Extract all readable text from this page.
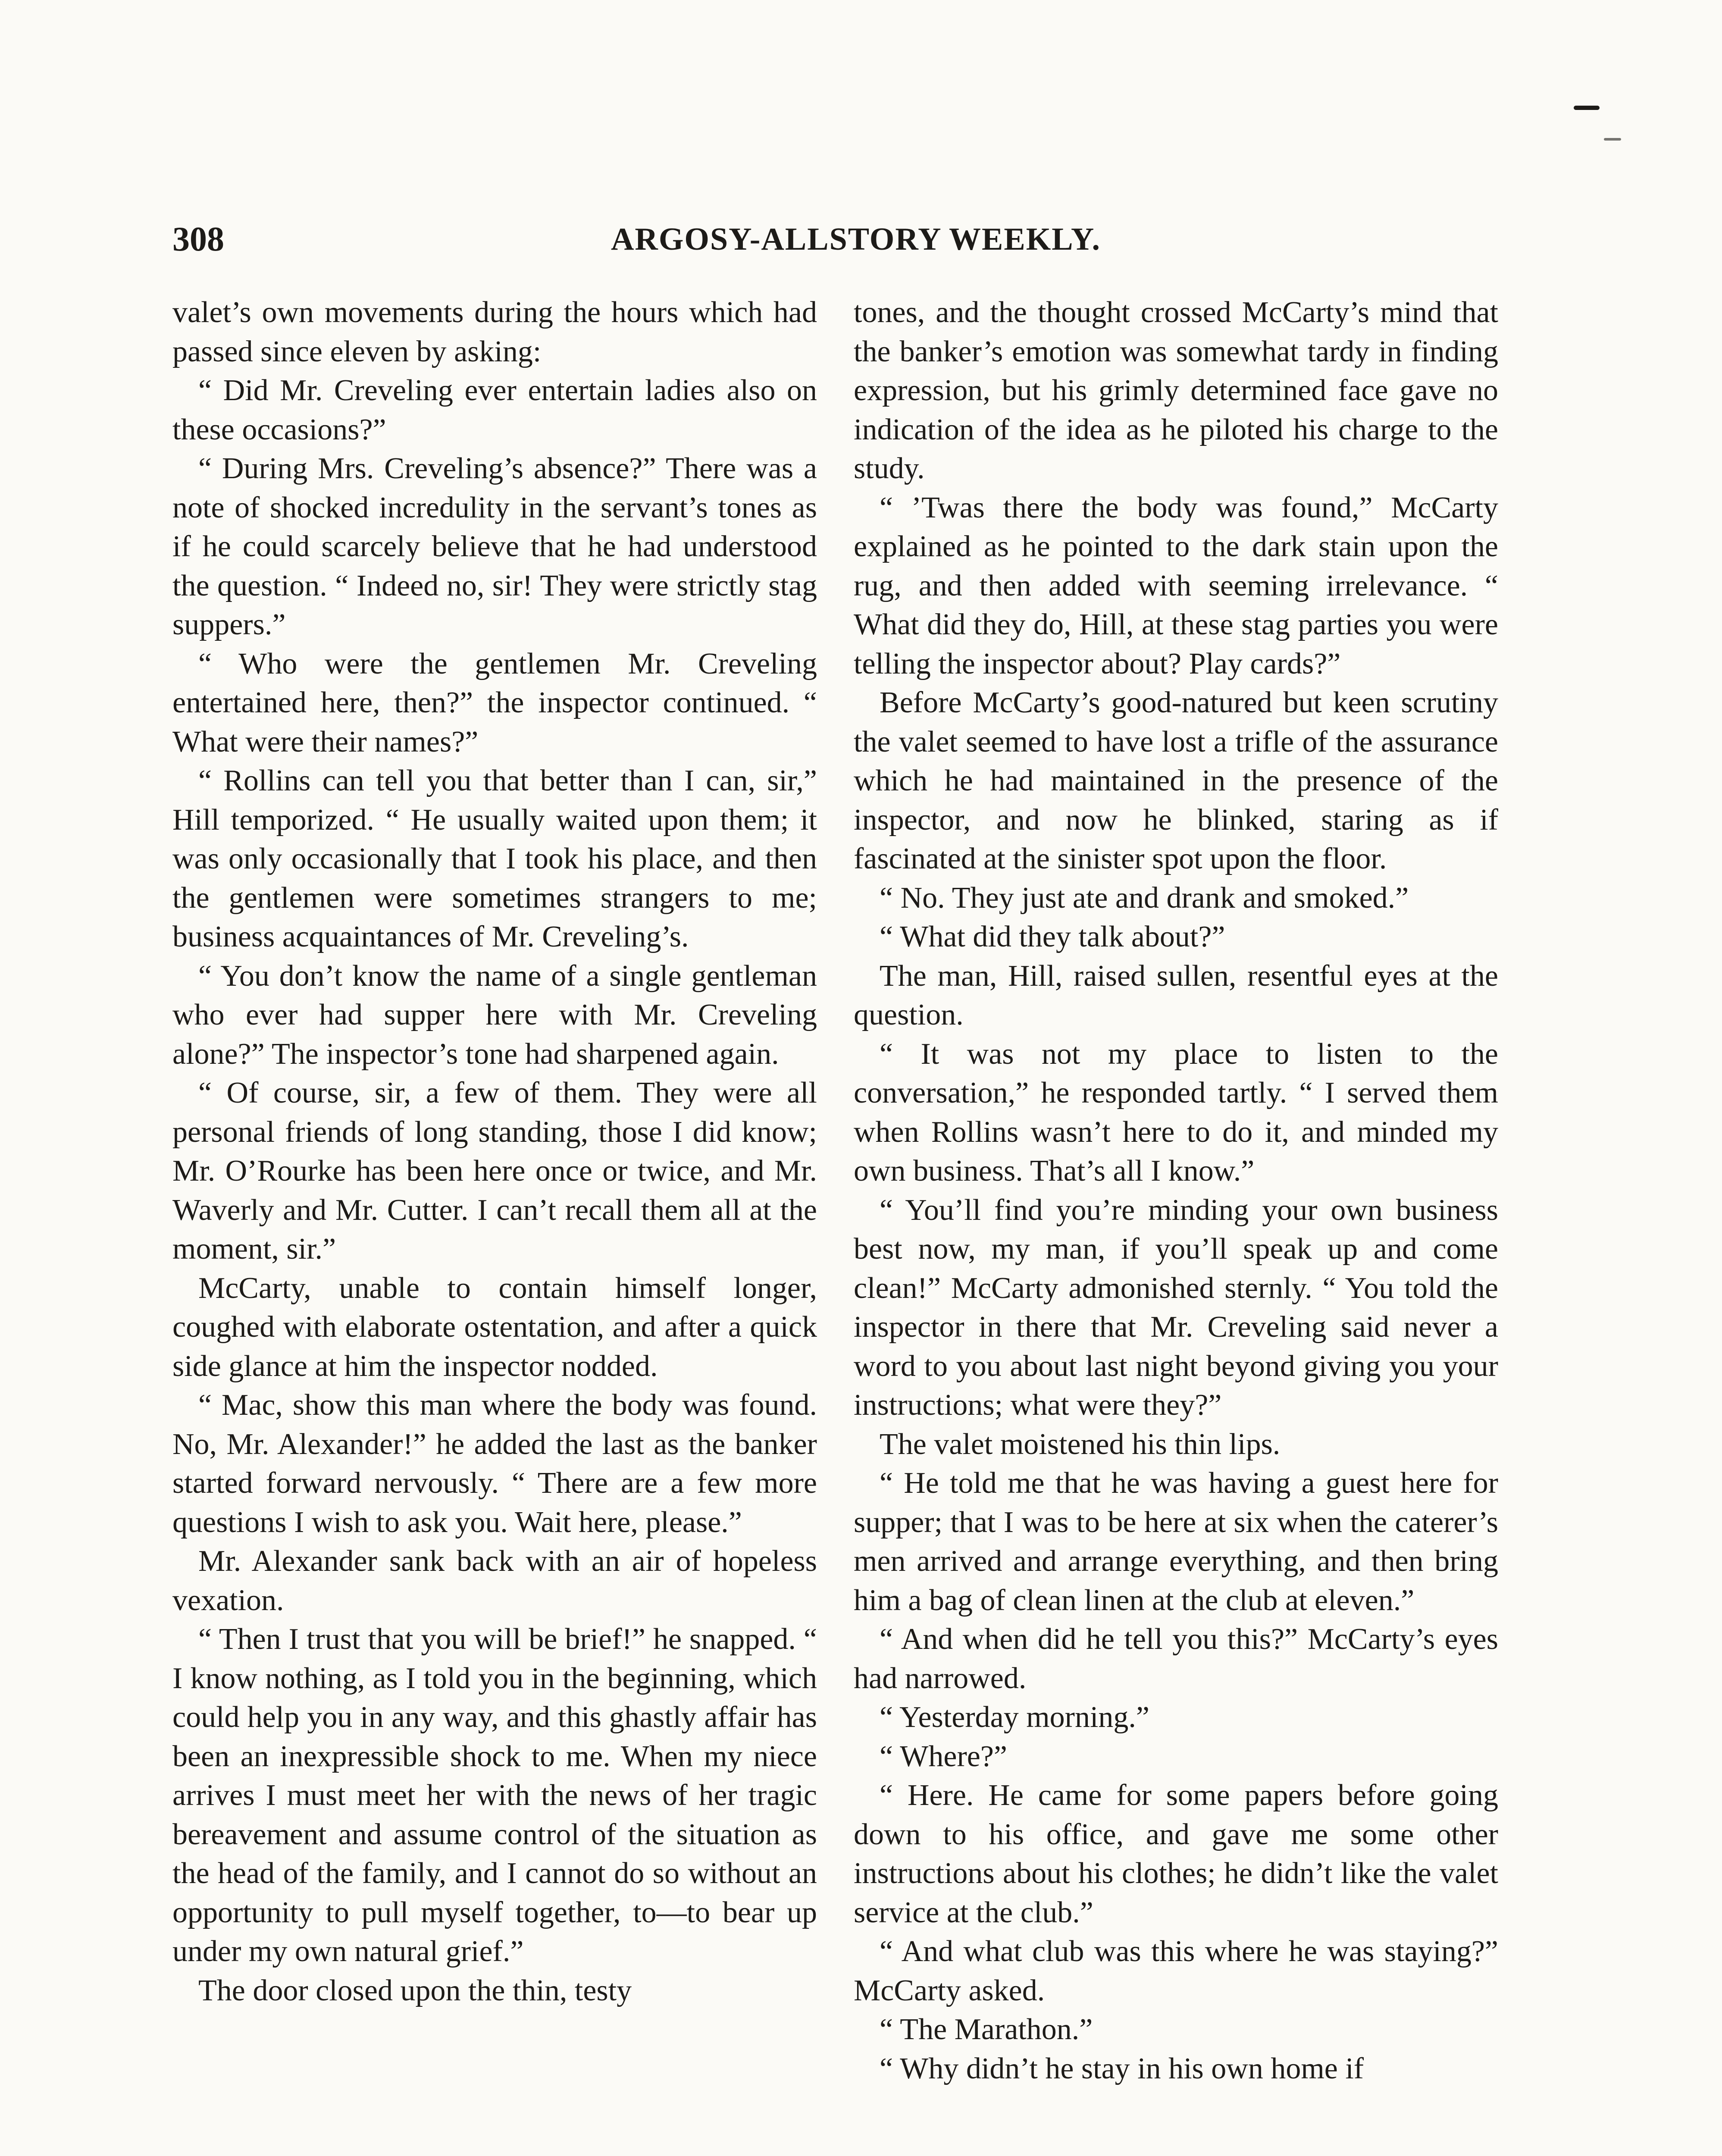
308	ARGOSY-ALLSTORY WEEKLY.

valet’s own movements during the hours which had passed since eleven by asking:

“ Did Mr. Creveling ever entertain ladies also on these occasions?”

“ During Mrs. Creveling’s absence?” There was a note of shocked incredulity in the servant’s tones as if he could scarcely believe that he had understood the question. “ Indeed no, sir! They were strictly stag suppers.”

“ Who were the gentlemen Mr. Creveling entertained here, then?” the inspector continued. “ What were their names?”

“ Rollins can tell you that better than I can, sir,” Hill temporized. “ He usually waited upon them; it was only occasionally that I took his place, and then the gentlemen were sometimes strangers to me; business acquaintances of Mr. Creveling’s.

“ You don’t know the name of a single gentleman who ever had supper here with Mr. Creveling alone?” The inspector’s tone had sharpened again.

“ Of course, sir, a few of them. They were all personal friends of long standing, those I did know; Mr. O’Rourke has been here once or twice, and Mr. Waverly and Mr. Cutter. I can’t recall them all at the moment, sir.”

McCarty, unable to contain himself longer, coughed with elaborate ostentation, and after a quick side glance at him the inspector nodded.

“ Mac, show this man where the body was found. No, Mr. Alexander!” he added the last as the banker started forward nervously. “ There are a few more questions I wish to ask you. Wait here, please.”

Mr. Alexander sank back with an air of hopeless vexation.

“ Then I trust that you will be brief!” he snapped. “ I know nothing, as I told you in the beginning, which could help you in any way, and this ghastly affair has been an inexpressible shock to me. When my niece arrives I must meet her with the news of her tragic bereavement and assume control of the situation as the head of the family, and I cannot do so without an opportunity to pull myself together, to—to bear up under my own natural grief.”

The door closed upon the thin, testy

tones, and the thought crossed McCarty’s mind that the banker’s emotion was somewhat tardy in finding expression, but his grimly determined face gave no indication of the idea as he piloted his charge to the study.

“ ’Twas there the body was found,” McCarty explained as he pointed to the dark stain upon the rug, and then added with seeming irrelevance. “ What did they do, Hill, at these stag parties you were telling the inspector about? Play cards?”

Before McCarty’s good-natured but keen scrutiny the valet seemed to have lost a trifle of the assurance which he had maintained in the presence of the inspector, and now he blinked, staring as if fascinated at the sinister spot upon the floor.

“ No. They just ate and drank and smoked.”

“ What did they talk about?”

The man, Hill, raised sullen, resentful eyes at the question.

“ It was not my place to listen to the conversation,” he responded tartly. “ I served them when Rollins wasn’t here to do it, and minded my own business. That’s all I know.”

“ You’ll find you’re minding your own business best now, my man, if you’ll speak up and come clean!” McCarty admonished sternly. “ You told the inspector in there that Mr. Creveling said never a word to you about last night beyond giving you your instructions; what were they?”

The valet moistened his thin lips.

“ He told me that he was having a guest here for supper; that I was to be here at six when the caterer’s men arrived and arrange everything, and then bring him a bag of clean linen at the club at eleven.”

“ And when did he tell you this?” McCarty’s eyes had narrowed.

“ Yesterday morning.”

“ Where?”

“ Here. He came for some papers before going down to his office, and gave me some other instructions about his clothes; he didn’t like the valet service at the club.”

“ And what club was this where he was staying?” McCarty asked.

“ The Marathon.”

“ Why didn’t he stay in his own home if
